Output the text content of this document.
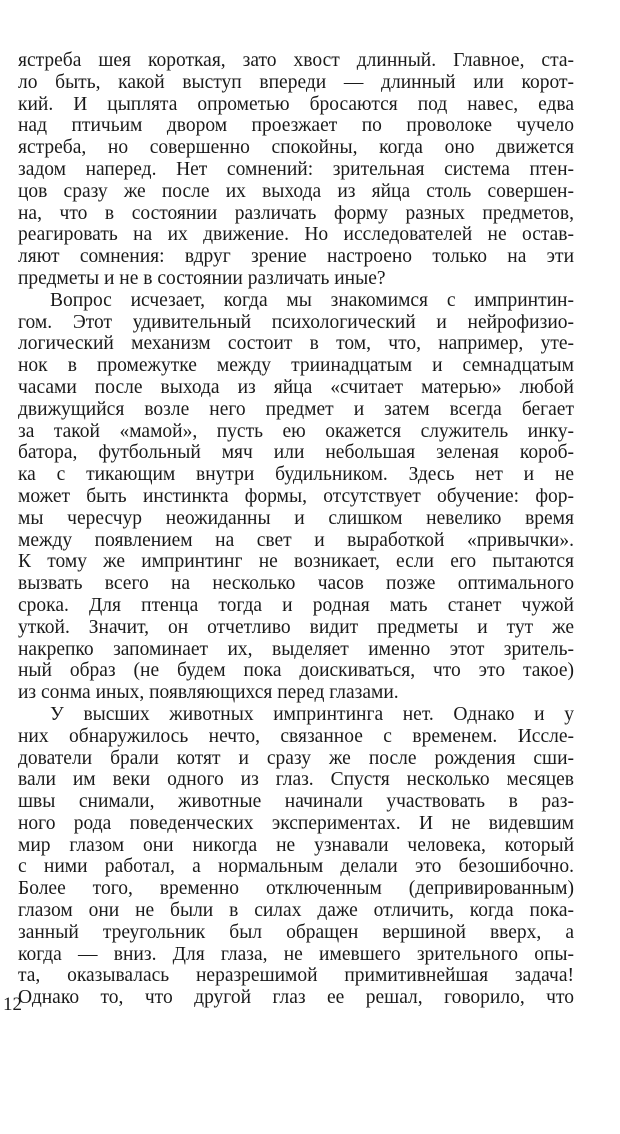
ястреба шея короткая, зато хвост длинный. Главное, ста-
ло быть, какой выступ впереди — длинный или корот-
кий. И цыплята опрометью бросаются под навес, едва
над птичьим двором проезжает по проволоке чучело
ястреба, но совершенно спокойны, когда оно движется
задом наперед. Нет сомнений: зрительная система птен-
цов сразу же после их выхода из яйца столь совершен-
на, что в состоянии различать форму разных предметов,
реагировать на их движение. Но исследователей не остав-
ляют сомнения: вдруг зрение настроено только на эти
предметы и не в состоянии различать иные?
Вопрос исчезает, когда мы знакомимся с импринтин-
гом. Этот удивительный психологический и нейрофизио-
логический механизм состоит в том, что, например, уте-
нок в промежутке между триинадцатым и семнадцатым
часами после выхода из яйца «считает матерью» любой
движущийся возле него предмет и затем всегда бегает
за такой «мамой», пусть ею окажется служитель инку-
батора, футбольный мяч или небольшая зеленая короб-
ка с тикающим внутри будильником. Здесь нет и не
может быть инстинкта формы, отсутствует обучение: фор-
мы чересчур неожиданны и слишком невелико время
между появлением на свет и выработкой «привычки».
К тому же импринтинг не возникает, если его пытаются
вызвать всего на несколько часов позже оптимального
срока. Для птенца тогда и родная мать станет чужой
уткой. Значит, он отчетливо видит предметы и тут же
накрепко запоминает их, выделяет именно этот зритель-
ный образ (не будем пока доискиваться, что это такое)
из сонма иных, появляющихся перед глазами.
У высших животных импринтинга нет. Однако и у
них обнаружилось нечто, связанное с временем. Иссле-
дователи брали котят и сразу же после рождения сши-
вали им веки одного из глаз. Спустя несколько месяцев
швы снимали, животные начинали участвовать в раз-
ного рода поведенческих экспериментах. И не видевшим
мир глазом они никогда не узнавали человека, который
с ними работал, а нормальным делали это безошибочно.
Более того, временно отключенным (депривированным)
глазом они не были в силах даже отличить, когда пока-
занный треугольник был обращен вершиной вверх, а
когда — вниз. Для глаза, не имевшего зрительного опы-
та, оказывалась неразрешимой примитивнейшая задача!
Однако то, что другой глаз ее решал, говорило, что
12
